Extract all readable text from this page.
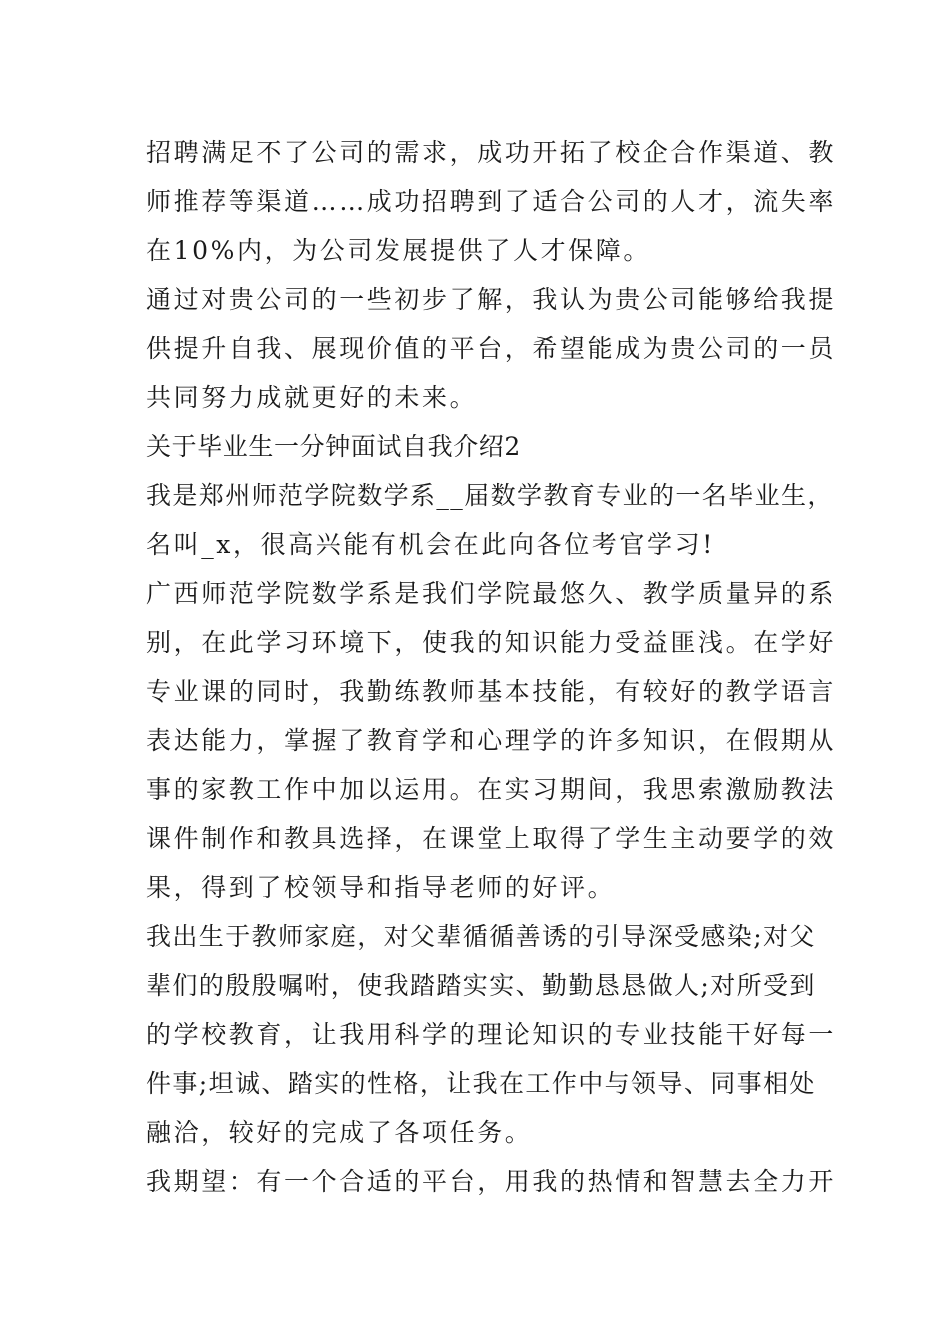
招聘满足不了公司的需求，成功开拓了校企合作渠道、教
师推荐等渠道……成功招聘到了适合公司的人才，流失率
在10%内，为公司发展提供了人才保障。
通过对贵公司的一些初步了解，我认为贵公司能够给我提
供提升自我、展现价值的平台，希望能成为贵公司的一员
共同努力成就更好的未来。
关于毕业生一分钟面试自我介绍2
我是郑州师范学院数学系__届数学教育专业的一名毕业生，
名叫_x，很高兴能有机会在此向各位考官学习!
广西师范学院数学系是我们学院最悠久、教学质量异的系
别，在此学习环境下，使我的知识能力受益匪浅。在学好
专业课的同时，我勤练教师基本技能，有较好的教学语言
表达能力，掌握了教育学和心理学的许多知识，在假期从
事的家教工作中加以运用。在实习期间，我思索激励教法
课件制作和教具选择，在课堂上取得了学生主动要学的效
果，得到了校领导和指导老师的好评。
我出生于教师家庭，对父辈循循善诱的引导深受感染;对父
辈们的殷殷嘱咐，使我踏踏实实、勤勤恳恳做人;对所受到
的学校教育，让我用科学的理论知识的专业技能干好每一
件事;坦诚、踏实的性格，让我在工作中与领导、同事相处
融洽，较好的完成了各项任务。
我期望：有一个合适的平台，用我的热情和智慧去全力开
